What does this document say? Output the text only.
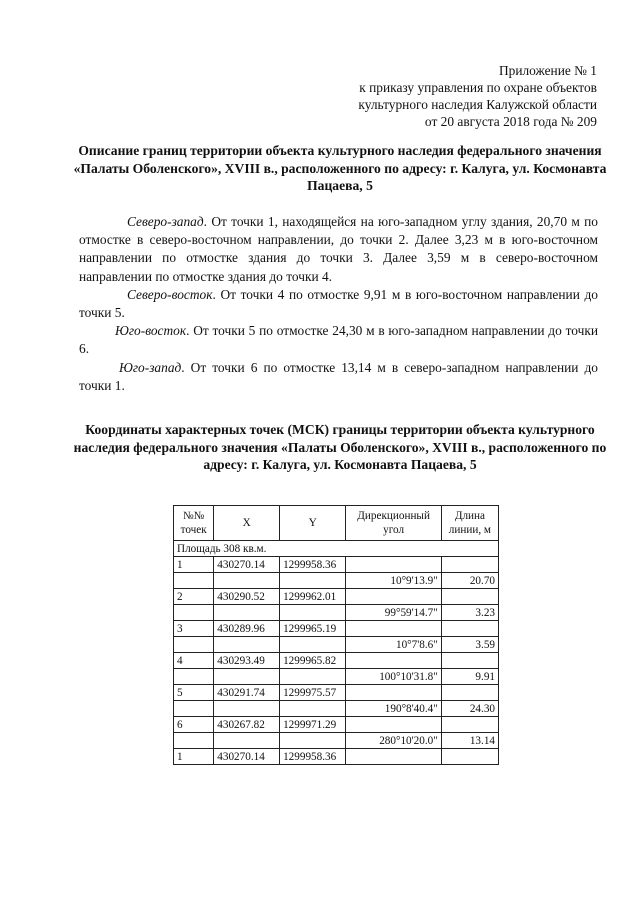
Приложение № 1
к приказу управления по охране объектов
культурного наследия Калужской области
от 20 августа 2018 года № 209
Описание границ территории объекта культурного наследия федерального значения «Палаты Оболенского», XVIII в., расположенного по адресу: г. Калуга, ул. Космонавта Пацаева, 5

Северо-запад. От точки 1, находящейся на юго-западном углу здания, 20,70 м по отмостке в северо-восточном направлении, до точки 2. Далее 3,23 м в юго-восточном направлении по отмостке здания до точки 3. Далее 3,59 м в северо-восточном направлении по отмостке здания до точки 4.

Северо-восток. От точки 4 по отмостке 9,91 м в юго-восточном направлении до точки 5.

Юго-восток. От точки 5 по отмостке 24,30 м в юго-западном направлении до точки 6.

Юго-запад. От точки 6 по отмостке 13,14 м в северо-западном направлении до точки 1.

Координаты характерных точек (МСК) границы территории объекта культурного наследия федерального значения «Палаты Оболенского», XVIII в., расположенного по адресу: г. Калуга, ул. Космонавта Пацаева, 5
№№ точек	X	Y	Дирекционный угол	Длина линии, м
Площадь 308 кв.м.				
1	430270.14	1299958.36		
			10°9'13.9"	20.70
2	430290.52	1299962.01		
			99°59'14.7"	3.23
3	430289.96	1299965.19		
			10°7'8.6"	3.59
4	430293.49	1299965.82		
			100°10'31.8"	9.91
5	430291.74	1299975.57		
			190°8'40.4"	24.30
6	430267.82	1299971.29		
			280°10'20.0"	13.14
1	430270.14	1299958.36		
